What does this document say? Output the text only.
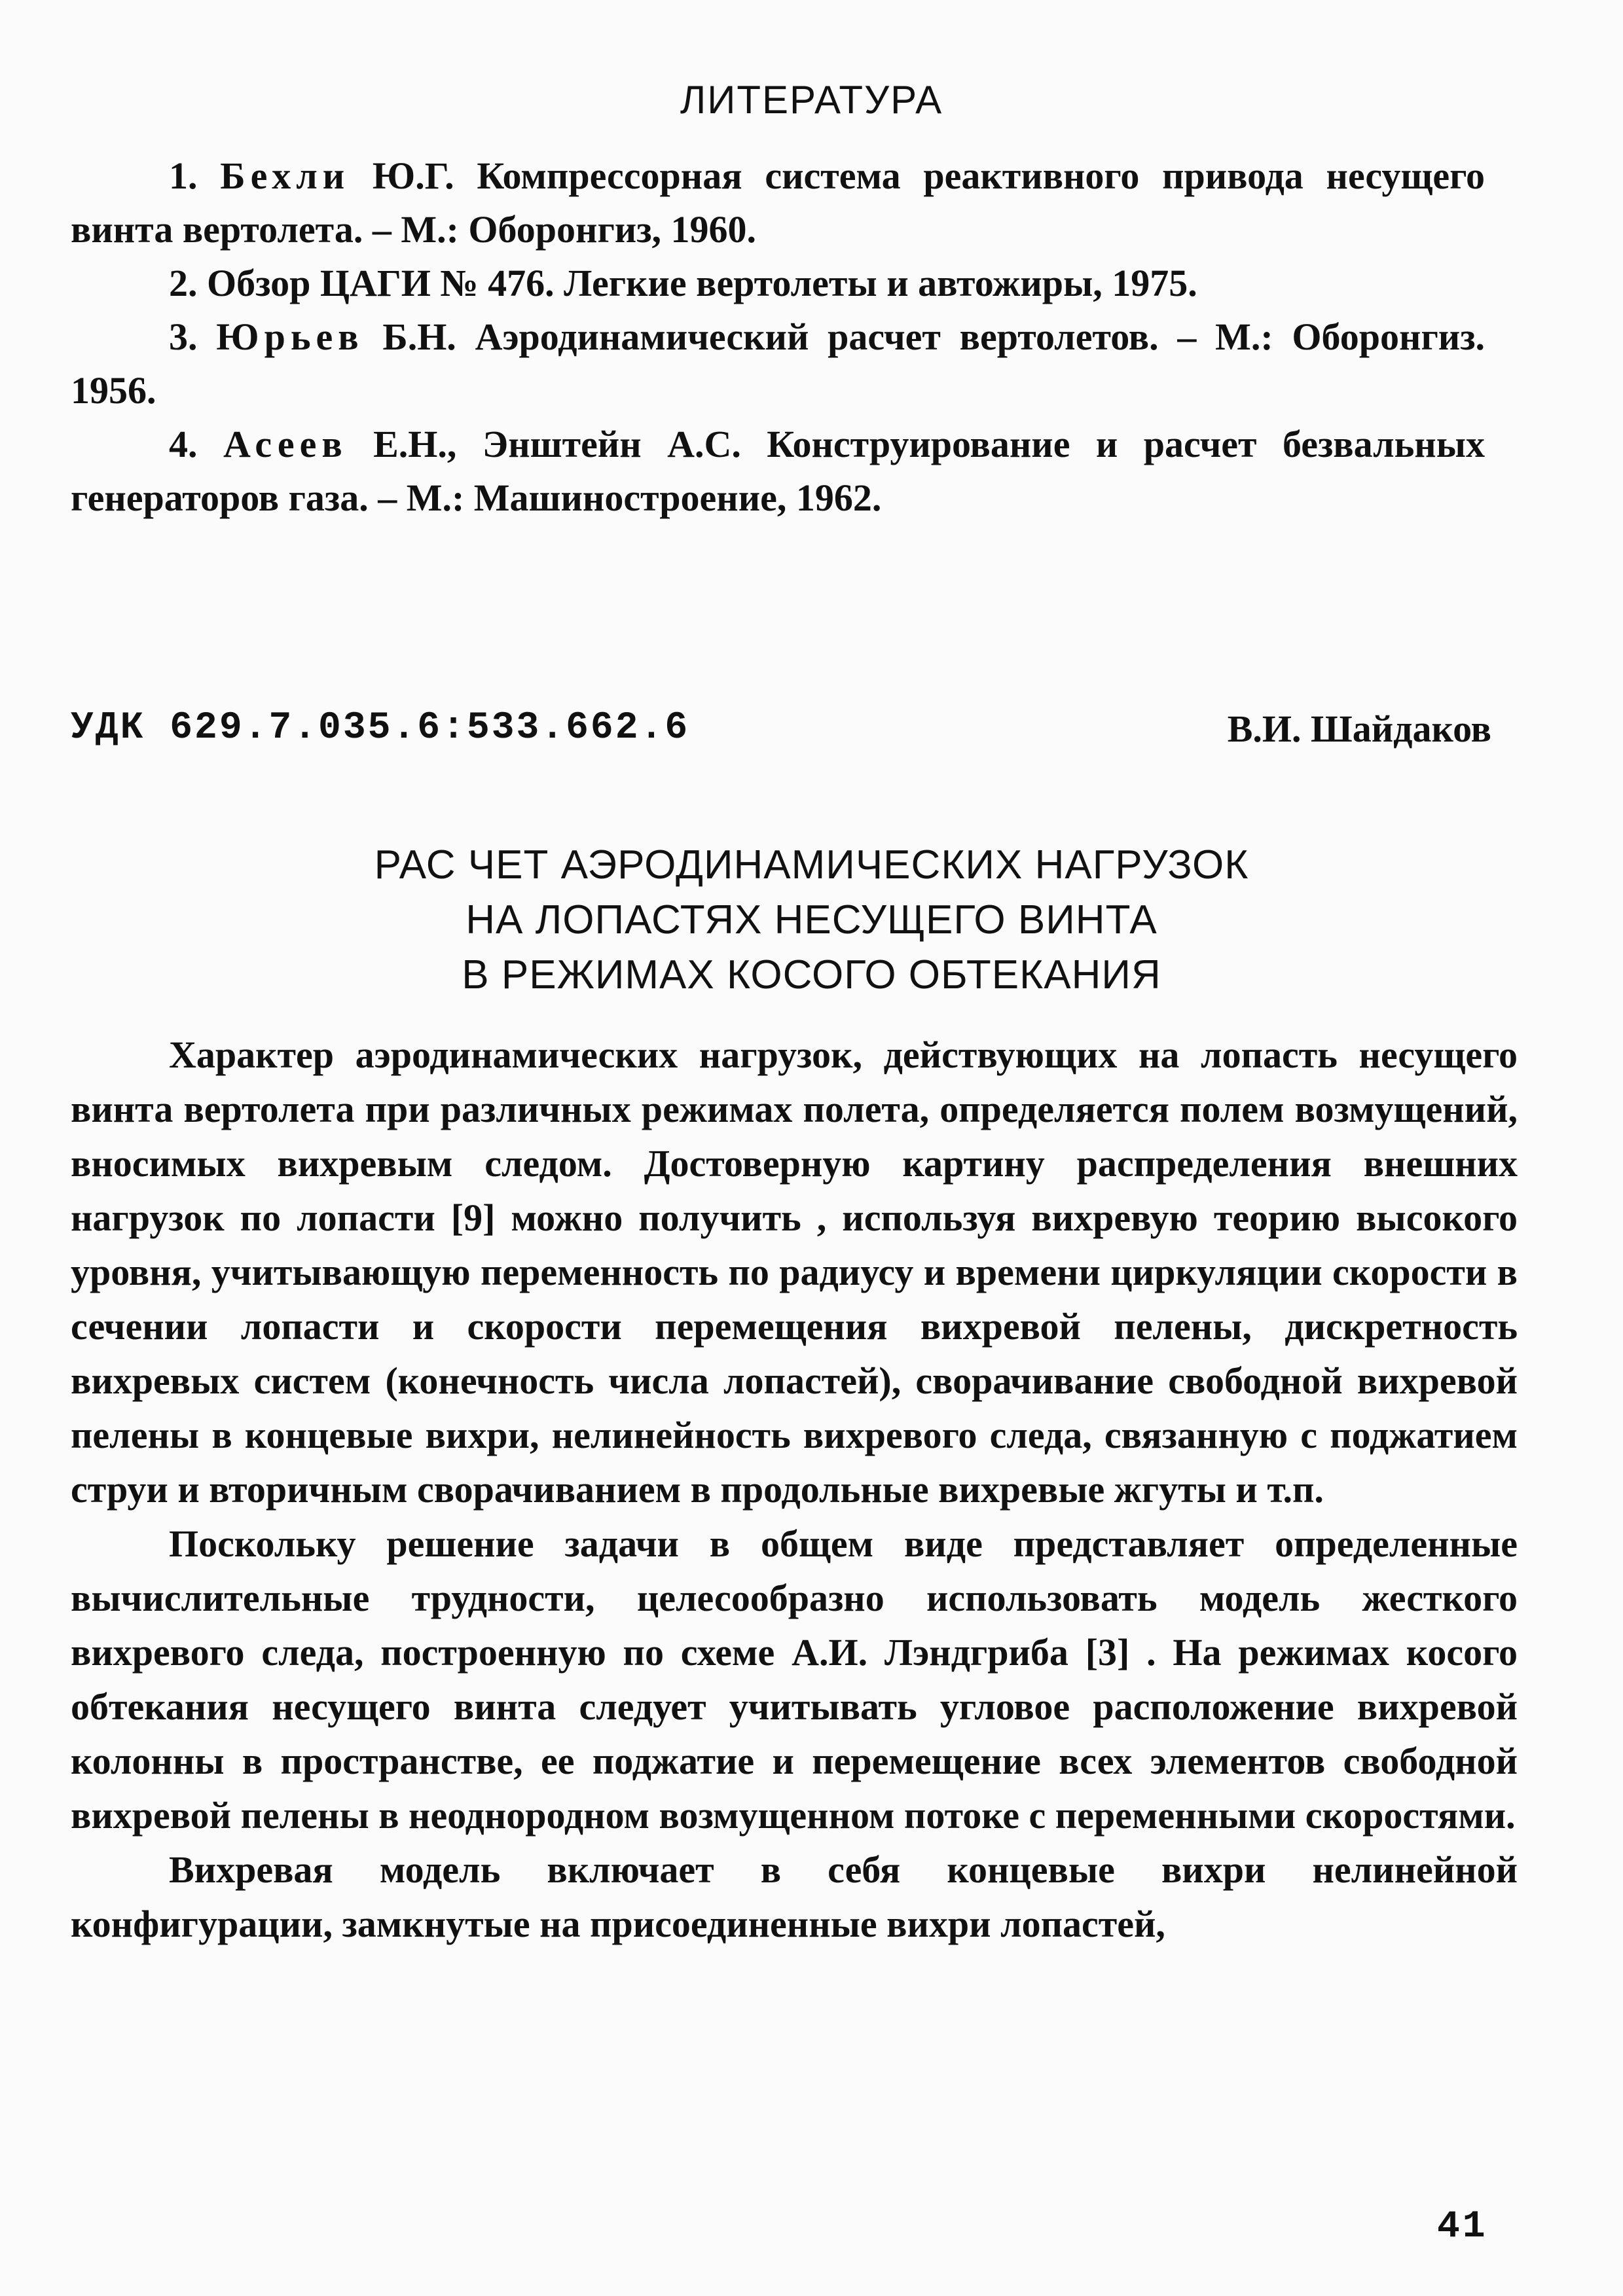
ЛИТЕРАТУРА

1. Бехли Ю.Г. Компрессорная система реактивного привода несущего винта вертолета. – М.: Оборонгиз, 1960.

2. Обзор ЦАГИ № 476. Легкие вертолеты и автожиры, 1975.

3. Юрьев Б.Н. Аэродинамический расчет вертолетов. – М.: Оборонгиз. 1956.

4. Асеев Е.Н., Энштейн А.С. Конструирование и расчет безвальных генераторов газа. – М.: Машиностроение, 1962.

УДК 629.7.035.6:533.662.6	В.И. Шайдаков
РАС ЧЕТ АЭРОДИНАМИЧЕСКИХ НАГРУЗОК
НА ЛОПАСТЯХ НЕСУЩЕГО ВИНТА
В РЕЖИМАХ КОСОГО ОБТЕКАНИЯ

Характер аэродинамических нагрузок, действующих на лопасть несущего винта вертолета при различных режимах полета, определяется полем возмущений, вносимых вихревым следом. Достоверную картину распределения внешних нагрузок по лопасти [9] можно получить , используя вихревую теорию высокого уровня, учитывающую переменность по радиусу и времени циркуляции скорости в сечении лопасти и скорости перемещения вихревой пелены, дискретность вихревых систем (конечность числа лопастей), сворачивание свободной вихревой пелены в концевые вихри, нелинейность вихревого следа, связанную с поджатием струи и вторичным сворачиванием в продольные вихревые жгуты и т.п.

Поскольку решение задачи в общем виде представляет определенные вычислительные трудности, целесообразно использовать модель жесткого вихревого следа, построенную по схеме А.И. Лэндгриба [3] . На режимах косого обтекания несущего винта следует учитывать угловое расположение вихревой колонны в пространстве, ее поджатие и перемещение всех элементов свободной вихревой пелены в неоднородном возмущенном потоке с переменными скоростями.

Вихревая модель включает в себя концевые вихри нелинейной конфигурации, замкнутые на присоединенные вихри лопастей,

41
